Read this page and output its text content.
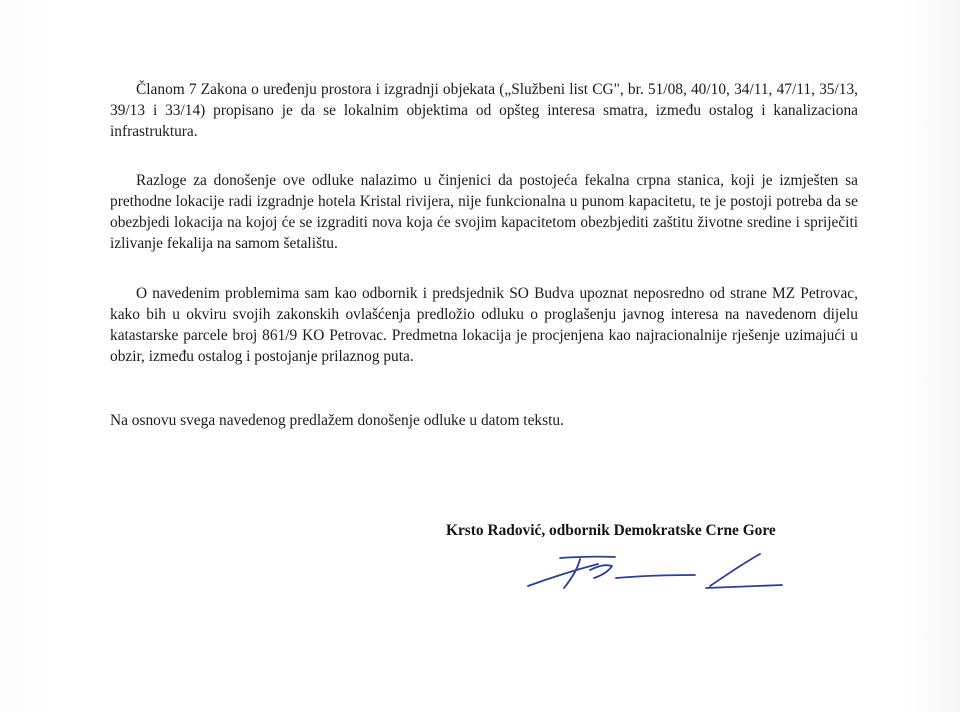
Članom 7 Zakona o uređenju prostora i izgradnji objekata („Službeni list CG", br. 51/08, 40/10, 34/11, 47/11, 35/13, 39/13 i 33/14) propisano je da se lokalnim objektima od opšteg interesa smatra, između ostalog i kanalizaciona infrastruktura.

Razloge za donošenje ove odluke nalazimo u činjenici da postojeća fekalna crpna stanica, koji je izmješten sa prethodne lokacije radi izgradnje hotela Kristal rivijera, nije funkcionalna u punom kapacitetu, te je postoji potreba da se obezbjedi lokacija na kojoj će se izgraditi nova koja će svojim kapacitetom obezbjediti zaštitu životne sredine i spriječiti izlivanje fekalija na samom šetalištu.

O navedenim problemima sam kao odbornik i predsjednik SO Budva upoznat neposredno od strane MZ Petrovac, kako bih u okviru svojih zakonskih ovlašćenja predložio odluku o proglašenju javnog interesa na navedenom dijelu katastarske parcele broj 861/9 KO Petrovac. Predmetna lokacija je procjenjena kao najracionalnije rješenje uzimajući u obzir, između ostalog i postojanje prilaznog puta.

Na osnovu svega navedenog predlažem donošenje odluke u datom tekstu.

Krsto Radović, odbornik Demokratske Crne Gore
